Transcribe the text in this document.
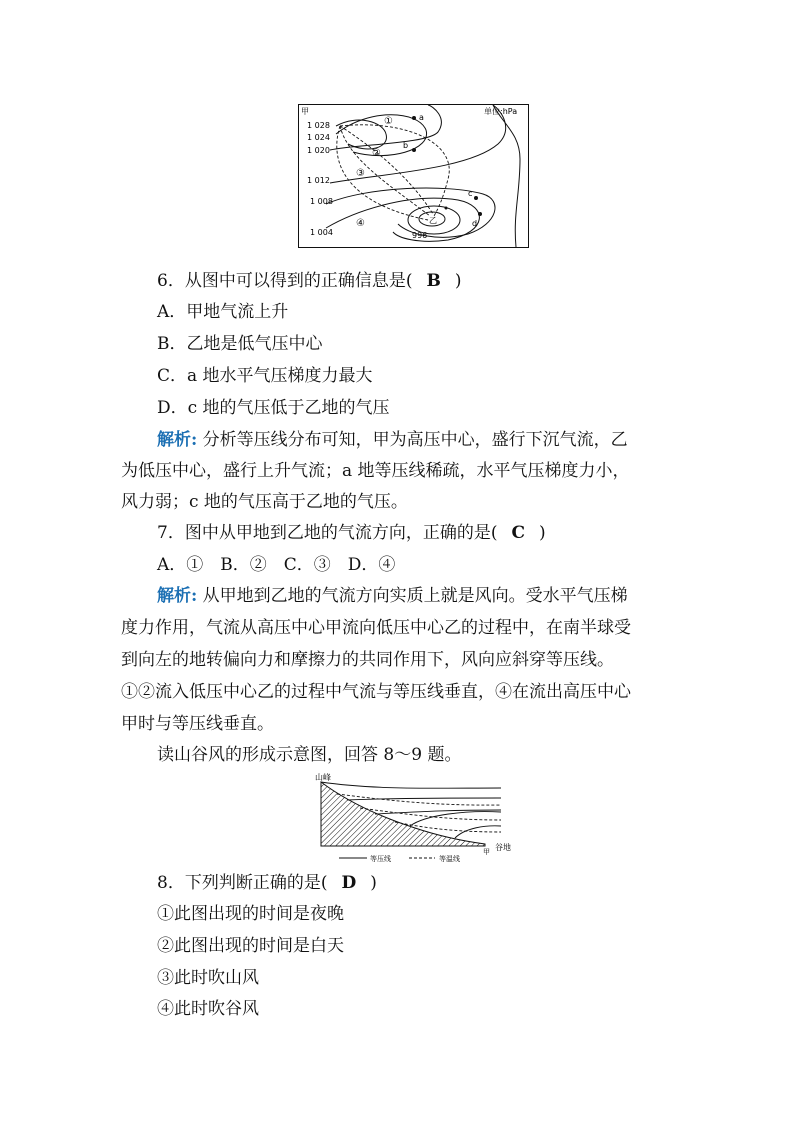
甲	单位:hPa
1 028
1 024
1 020
1 012
1 008
1 004	996
①
②
③
④
a
b
c
d
乙
6．从图中可以得到的正确信息是( B )
A．甲地气流上升
B．乙地是低气压中心
C．a 地水平气压梯度力最大
D．c 地的气压低于乙地的气压
解析: 分析等压线分布可知，甲为高压中心，盛行下沉气流，乙
为低压中心，盛行上升气流；a 地等压线稀疏，水平气压梯度力小，
风力弱；c 地的气压高于乙地的气压。
7．图中从甲地到乙地的气流方向，正确的是( C )
A．①　B．②　C．③　D．④
解析: 从甲地到乙地的气流方向实质上就是风向。受水平气压梯
度力作用，气流从高压中心甲流向低压中心乙的过程中，在南半球受
到向左的地转偏向力和摩擦力的共同作用下，风向应斜穿等压线。
①②流入低压中心乙的过程中气流与等压线垂直，④在流出高压中心
甲时与等压线垂直。
读山谷风的形成示意图，回答 8～9 题。
山峰
甲 谷地
等压线	等温线
8．下列判断正确的是( D )
①此图出现的时间是夜晚
②此图出现的时间是白天
③此时吹山风
④此时吹谷风
